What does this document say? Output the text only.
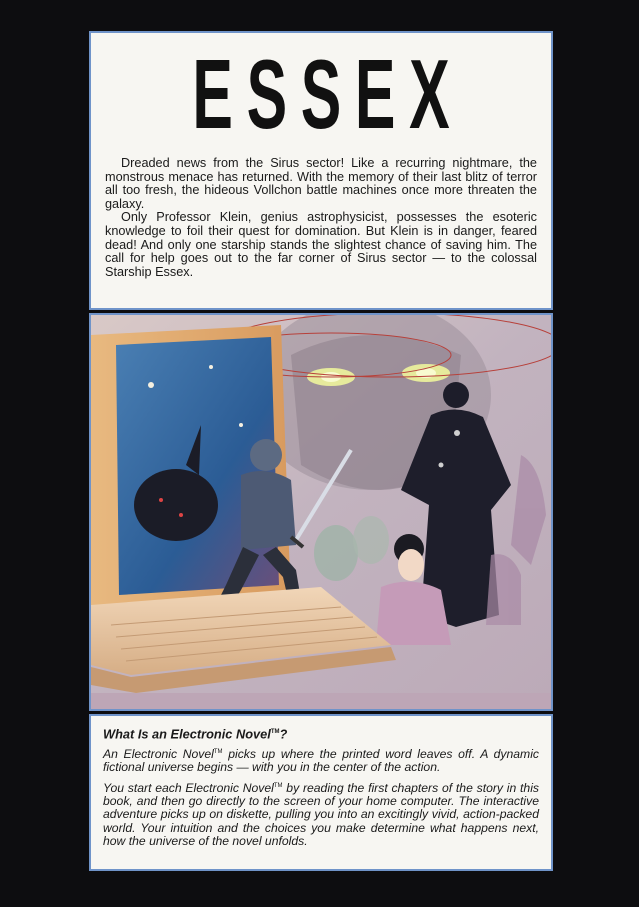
ESSEX

Dreaded news from the Sirus sector! Like a recurring nightmare, the monstrous menace has returned. With the memory of their last blitz of terror all too fresh, the hideous Vollchon battle machines once more threaten the galaxy.

Only Professor Klein, genius astrophysicist, possesses the esoteric knowledge to foil their quest for domination. But Klein is in danger, feared dead! And only one starship stands the slightest chance of saving him. The call for help goes out to the far corner of Sirus sector — to the colossal Starship Essex.

What Is an Electronic Novel™?

An Electronic Novel™ picks up where the printed word leaves off. A dynamic fictional universe begins — with you in the center of the action.

You start each Electronic Novel™ by reading the first chapters of the story in this book, and then go directly to the screen of your home computer. The interactive adventure picks up on diskette, pulling you into an excitingly vivid, action-packed world. Your intuition and the choices you make determine what happens next, how the universe of the novel unfolds.
